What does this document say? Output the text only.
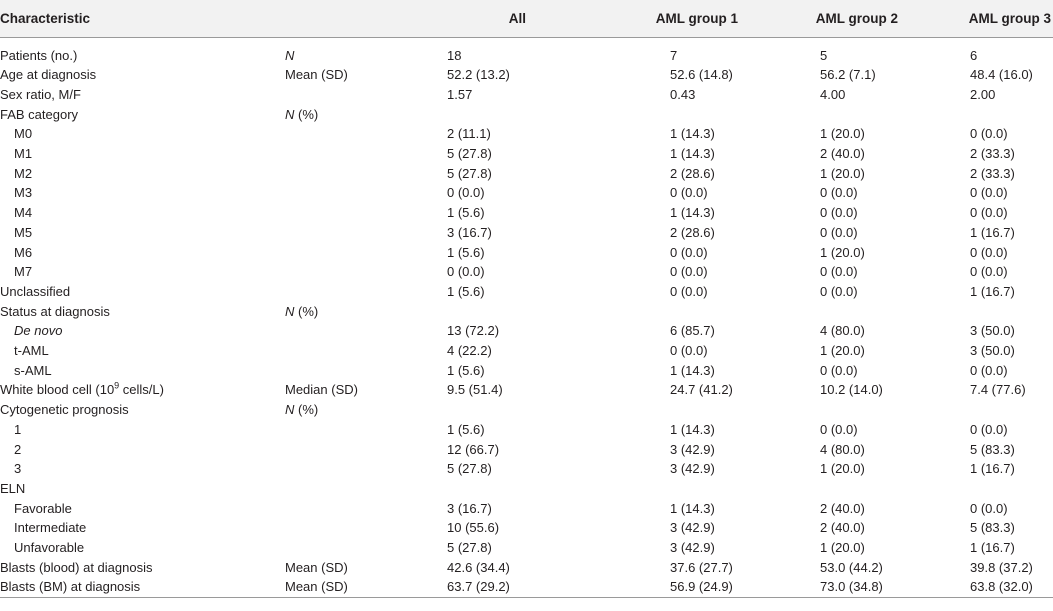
Characteristic		All	AML group 1	AML group 2	AML group 3
Patients (no.)	N	18	7	5	6
Age at diagnosis	Mean (SD)	52.2 (13.2)	52.6 (14.8)	56.2 (7.1)	48.4 (16.0)
Sex ratio, M/F		1.57	0.43	4.00	2.00
FAB category	N (%)				
M0		2 (11.1)	1 (14.3)	1 (20.0)	0 (0.0)
M1		5 (27.8)	1 (14.3)	2 (40.0)	2 (33.3)
M2		5 (27.8)	2 (28.6)	1 (20.0)	2 (33.3)
M3		0 (0.0)	0 (0.0)	0 (0.0)	0 (0.0)
M4		1 (5.6)	1 (14.3)	0 (0.0)	0 (0.0)
M5		3 (16.7)	2 (28.6)	0 (0.0)	1 (16.7)
M6		1 (5.6)	0 (0.0)	1 (20.0)	0 (0.0)
M7		0 (0.0)	0 (0.0)	0 (0.0)	0 (0.0)
Unclassified		1 (5.6)	0 (0.0)	0 (0.0)	1 (16.7)
Status at diagnosis	N (%)				
De novo		13 (72.2)	6 (85.7)	4 (80.0)	3 (50.0)
t-AML		4 (22.2)	0 (0.0)	1 (20.0)	3 (50.0)
s-AML		1 (5.6)	1 (14.3)	0 (0.0)	0 (0.0)
White blood cell ($10^9$ cells/L)	Median (SD)	9.5 (51.4)	24.7 (41.2)	10.2 (14.0)	7.4 (77.6)
Cytogenetic prognosis	N (%)				
1		1 (5.6)	1 (14.3)	0 (0.0)	0 (0.0)
2		12 (66.7)	3 (42.9)	4 (80.0)	5 (83.3)
3		5 (27.8)	3 (42.9)	1 (20.0)	1 (16.7)
ELN					
Favorable		3 (16.7)	1 (14.3)	2 (40.0)	0 (0.0)
Intermediate		10 (55.6)	3 (42.9)	2 (40.0)	5 (83.3)
Unfavorable		5 (27.8)	3 (42.9)	1 (20.0)	1 (16.7)
Blasts (blood) at diagnosis	Mean (SD)	42.6 (34.4)	37.6 (27.7)	53.0 (44.2)	39.8 (37.2)
Blasts (BM) at diagnosis	Mean (SD)	63.7 (29.2)	56.9 (24.9)	73.0 (34.8)	63.8 (32.0)
